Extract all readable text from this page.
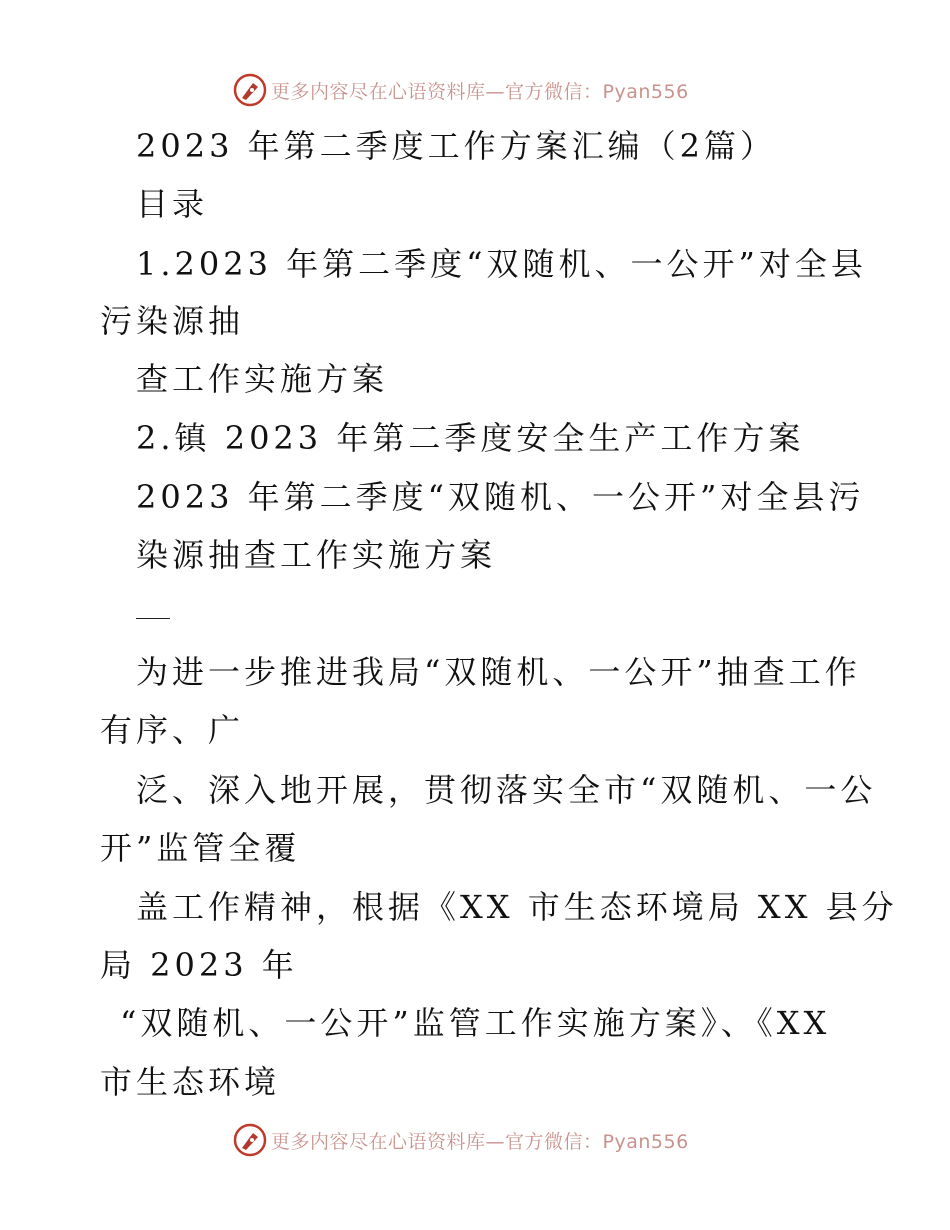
更多内容尽在心语资料库—官方微信：Pyan556
2023 年第二季度工作方案汇编（2篇）
目录
1.2023 年第二季度“双随机、一公开”对全县
污染源抽
查工作实施方案
2.镇 2023 年第二季度安全生产工作方案
2023 年第二季度“双随机、一公开”对全县污
染源抽查工作实施方案
为进一步推进我局“双随机、一公开”抽查工作
有序、广
泛、深入地开展，贯彻落实全市“双随机、一公
开”监管全覆
盖工作精神，根据《XX 市生态环境局 XX 县分
局 2023 年
“双随机、一公开”监管工作实施方案》、《XX
市生态环境
更多内容尽在心语资料库—官方微信：Pyan556
